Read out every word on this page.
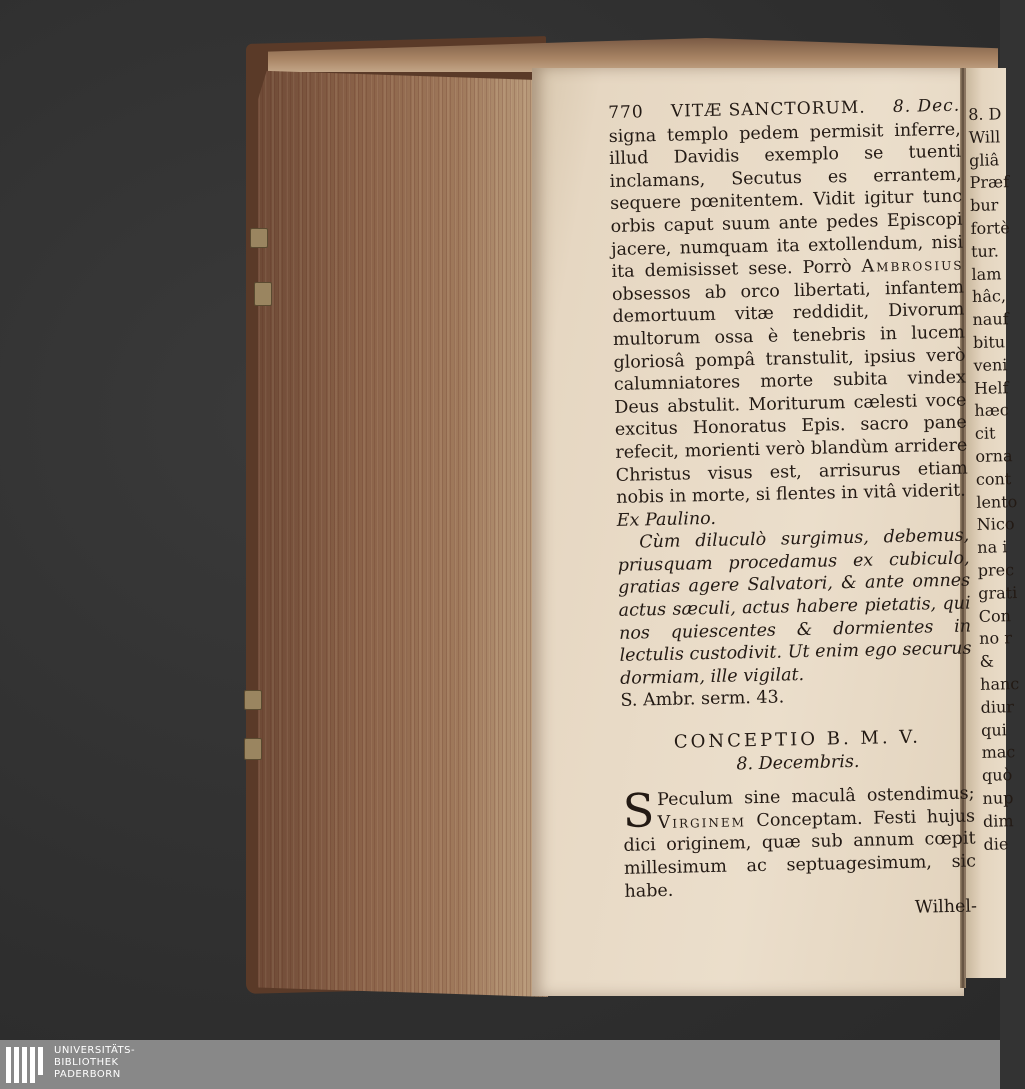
770 VITÆ SANCTORUM. 8. Dec.

signa templo pedem permisit inferre, illud Davidis exemplo se tuenti inclamans, Secutus es errantem, sequere pœnitentem. Vidit igitur tunc orbis caput suum ante pedes Episcopi jacere, numquam ita extollendum, nisi ita demisisset sese. Porrò Ambrosius obsessos ab orco libertati, infantem demortuum vitæ reddidit, Divorum multorum ossa è tenebris in lucem gloriosâ pompâ transtulit, ipsius verò calumniatores morte subita vindex Deus abstulit. Moriturum cælesti voce excitus Honoratus Epis. sacro pane refecit, morienti verò blandùm arridere Christus visus est, arrisurus etiam nobis in morte, si flentes in vitâ viderit.

Ex Paulino.

Cùm diluculò surgimus, debemus, priusquam procedamus ex cubiculo, gratias agere Salvatori, & ante omnes actus sæculi, actus habere pietatis, qui nos quiescentes & dormientes in lectulis custodivit. Ut enim ego securus dormiam, ille vigilat.

S. Ambr. serm. 43.

CONCEPTIO B. M. V.
8. Decembris.

S Peculum sine maculâ ostendimus; Virginem Conceptam. Festi hujus dici originem, quæ sub annum cœpit millesimum ac septuagesimum, sic habe.

Wilhel-
8. D
Will
gliâ
Præf
bur
fortè
tur.
lam
hâc,
nauf
bitu
veni
Helf
hæc
cit
orna
cont
lento
Nico
na i
prec
grati
Con
no r
&
hanc
diur
qui
mac
quò
nup
dim
die
UNIVERSITÄTS-
BIBLIOTHEK
PADERBORN
